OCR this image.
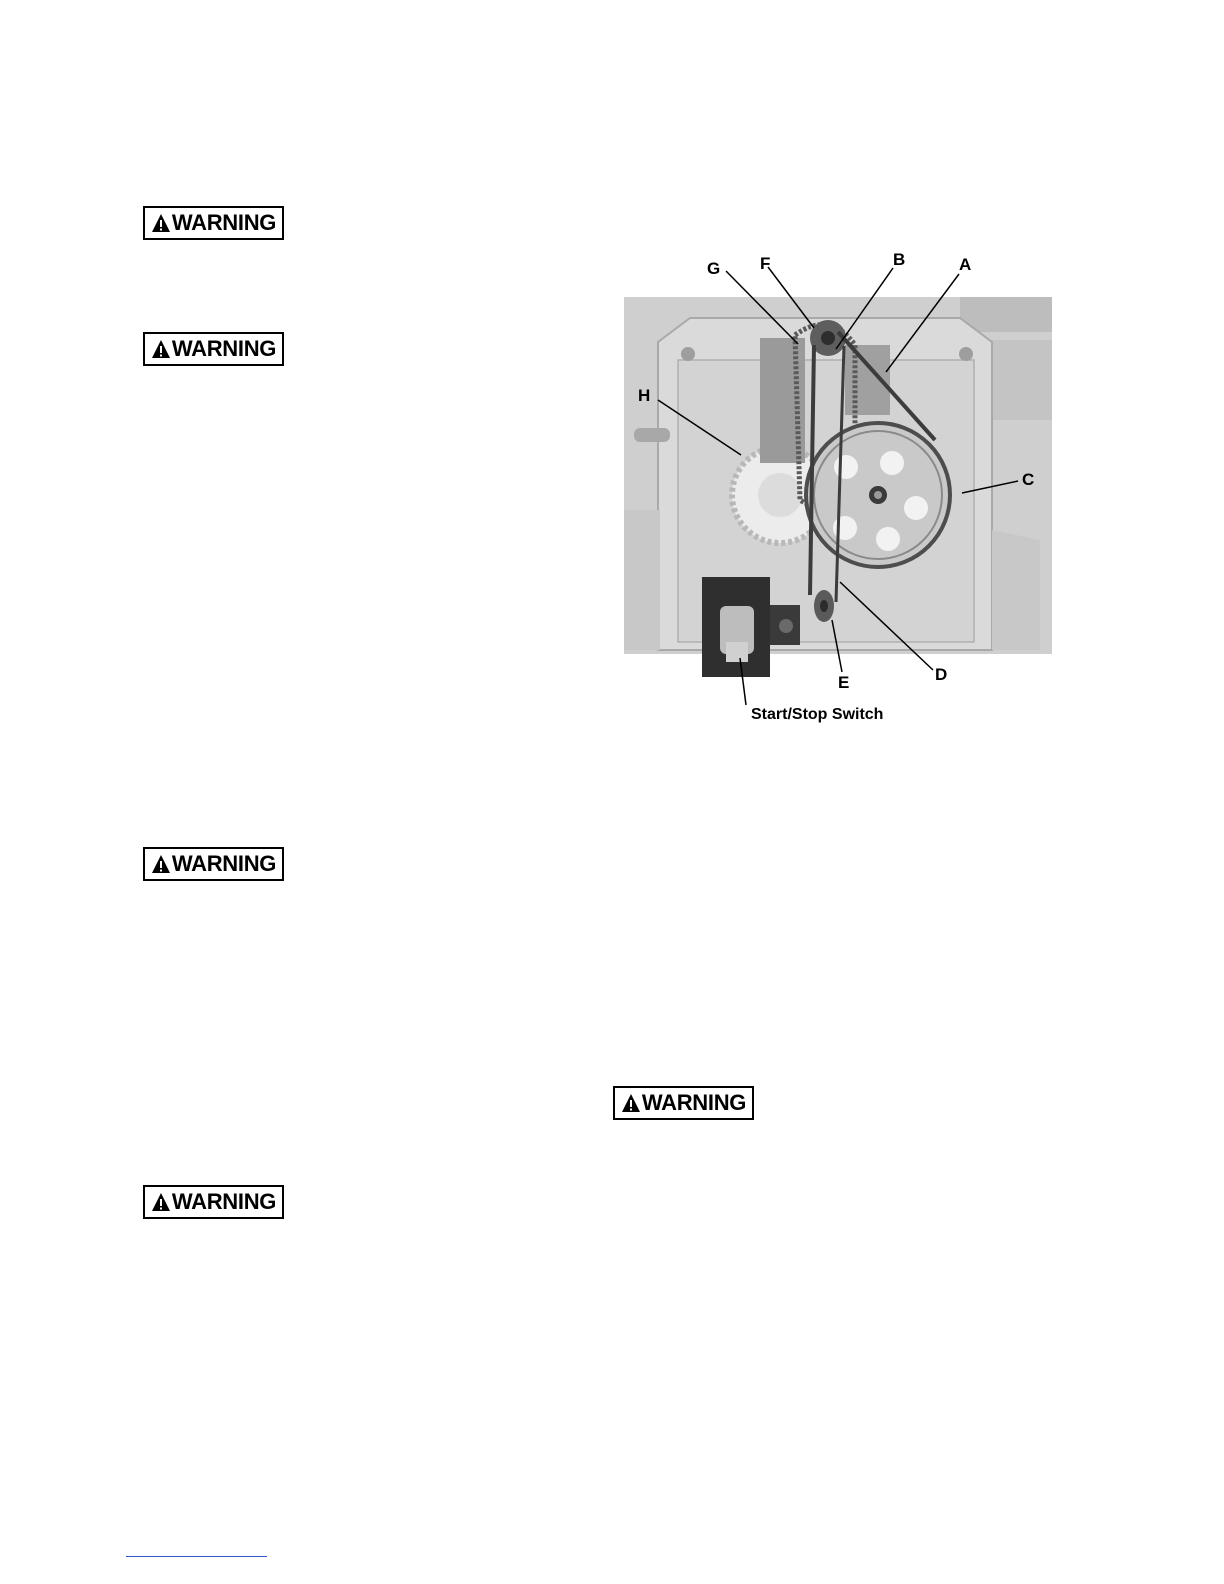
WARNING
WARNING
WARNING
WARNING
WARNING
G F	B	A
H
C
D
E
Start/Stop Switch
